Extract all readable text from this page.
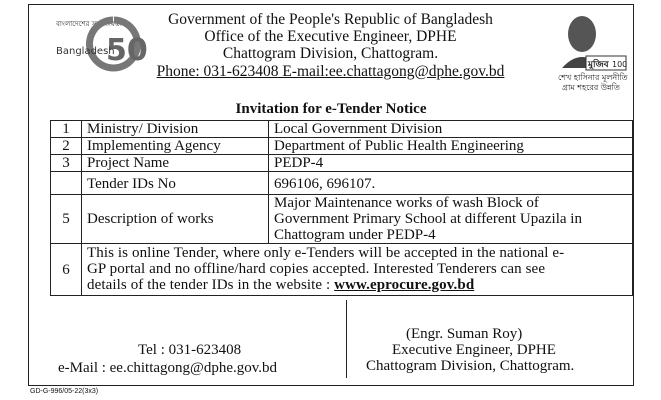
বাংলাদেশের সুবর্ণজয়ন্তী
50
Bangladesh
Government of the People's Republic of Bangladesh
Office of the Executive Engineer, DPHE
Chattogram Division, Chattogram.
Phone: 031-623408 E-mail:ee.chattagong@dphe.gov.bd	মুজিব 100
শেখ হাসিনার মূলনীতি
গ্রাম শহরের উন্নতি
Invitation for e-Tender Notice
1	Ministry/ Division	Local Government Division
2	Implementing Agency	Department of Public Health Engineering
3	Project Name	PEDP-4
	Tender IDs No	696106, 696107.
5	Description of works	Major Maintenance works of wash Block of
Government Primary School at different Upazila in
Chattogram under PEDP-4

6	This is online Tender, where only e-Tenders will be accepted in the national e-
GP portal and no offline/hard copies accepted. Interested Tenderers can see
details of the tender IDs in the website : www.eprocure.gov.bd	
Tel : 031-623408
e-Mail : ee.chittagong@dphe.gov.bd
(Engr. Suman Roy)
Executive Engineer, DPHE
Chattogram Division, Chattogram.
GD-G-996/05-22(3x3)
